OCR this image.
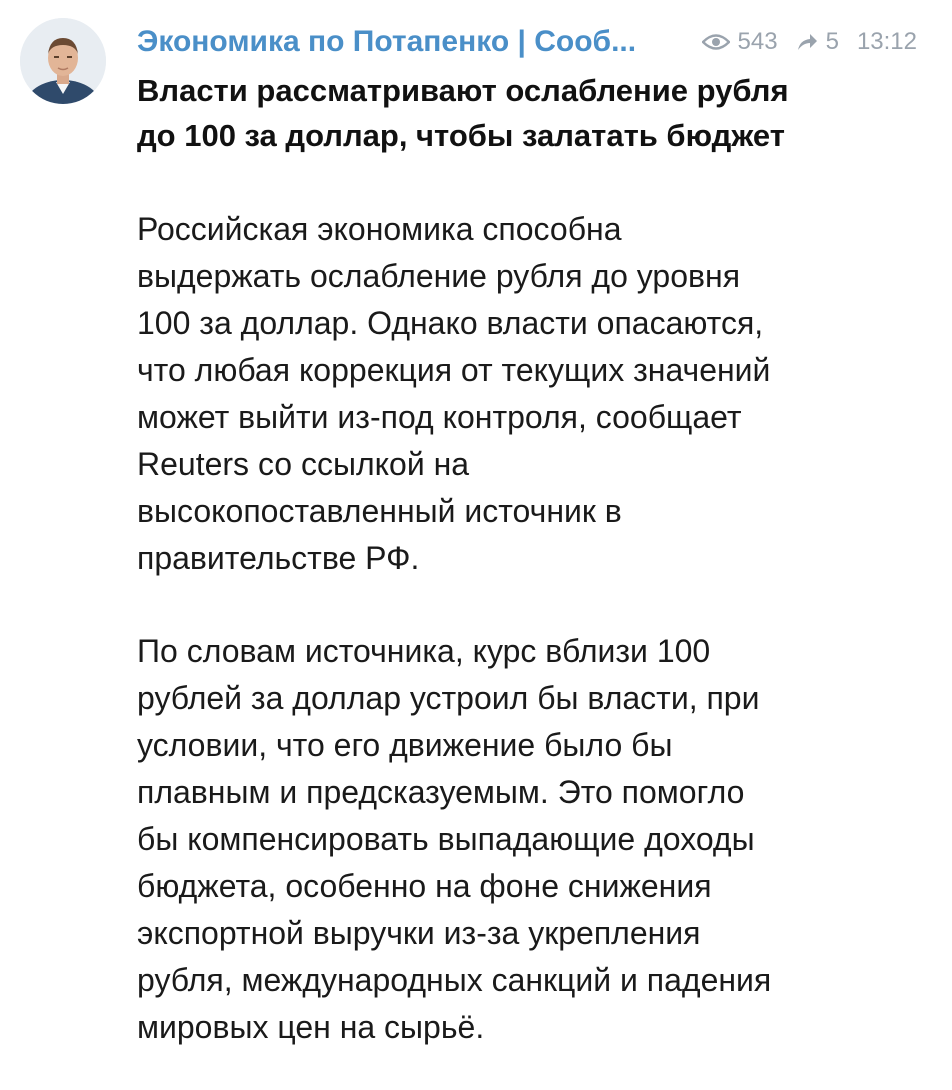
Экономика по Потапенко | Сооб...	543 5 13:12
Власти рассматривают ослабление рубля
до 100 за доллар, чтобы залатать бюджет

Российская экономика способна
выдержать ослабление рубля до уровня
100 за доллар. Однако власти опасаются,
что любая коррекция от текущих значений
может выйти из-под контроля, сообщает
Reuters со ссылкой на
высокопоставленный источник в
правительстве РФ.

По словам источника, курс вблизи 100
рублей за доллар устроил бы власти, при
условии, что его движение было бы
плавным и предсказуемым. Это помогло
бы компенсировать выпадающие доходы
бюджета, особенно на фоне снижения
экспортной выручки из-за укрепления
рубля, международных санкций и падения
мировых цен на сырьё.
